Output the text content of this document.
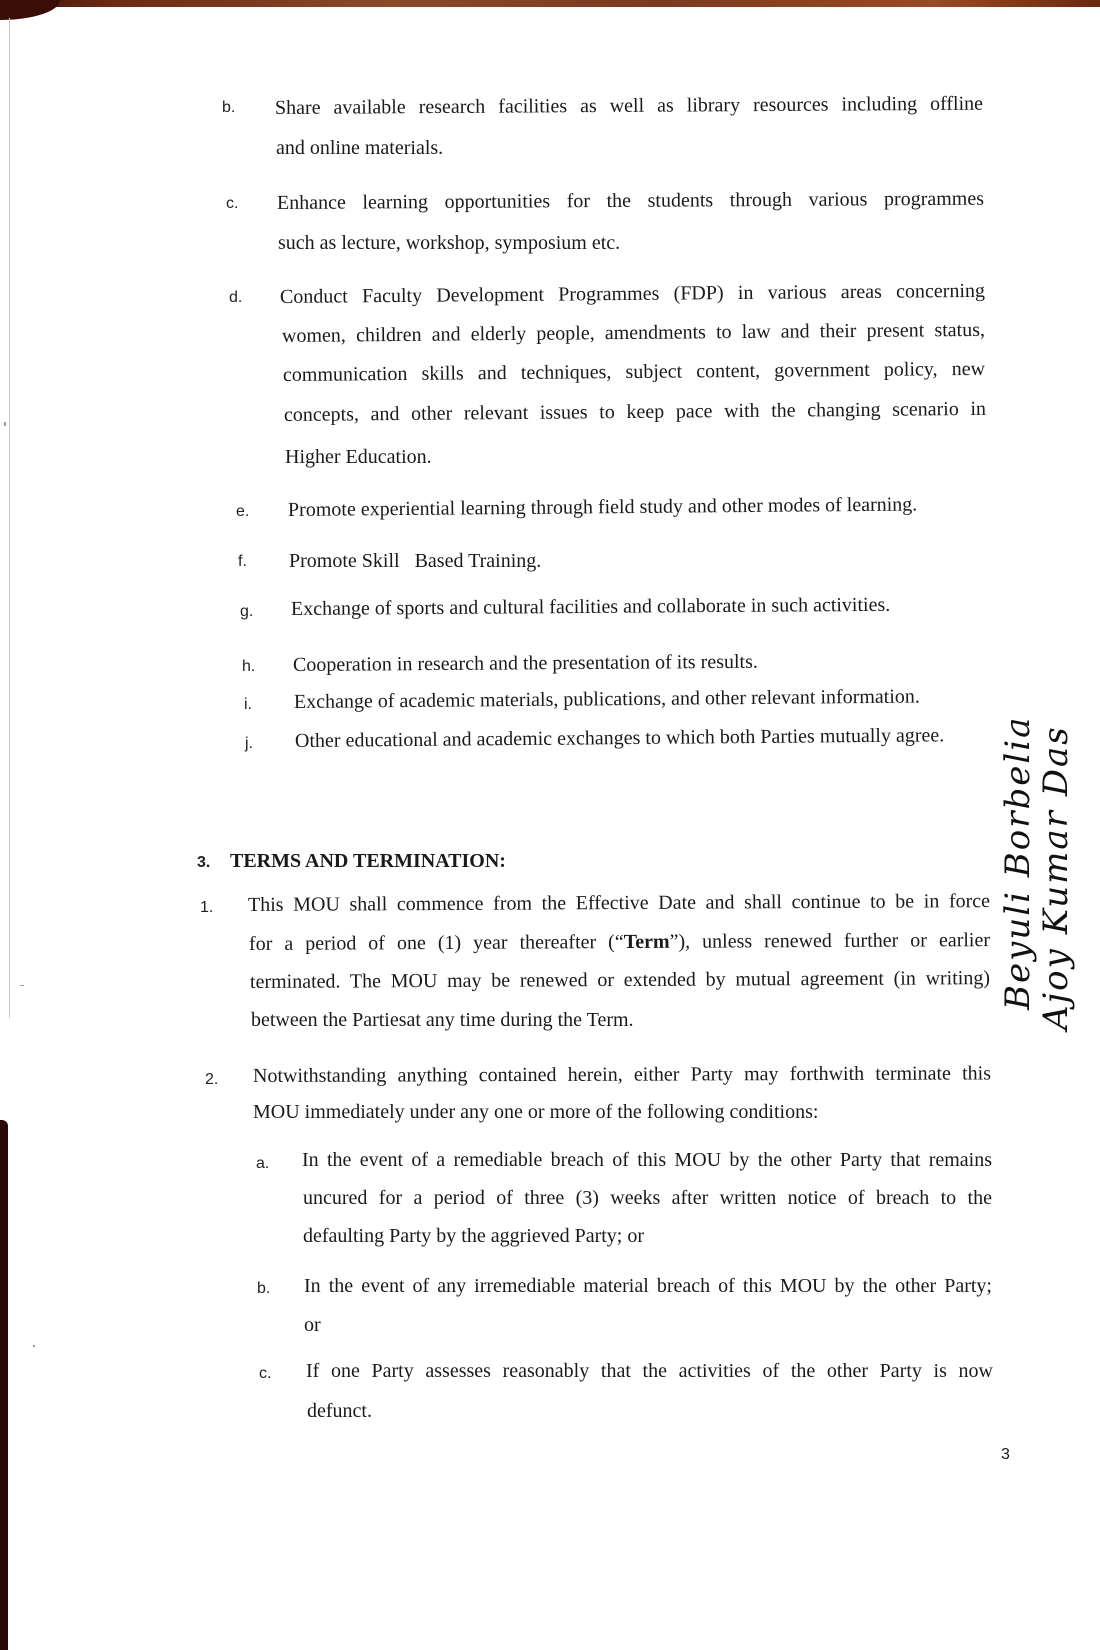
b. Share available research facilities as well as library resources including offline
and online materials.
c. Enhance learning opportunities for the students through various programmes
such as lecture, workshop, symposium etc.
d. Conduct Faculty Development Programmes (FDP) in various areas concerning
women, children and elderly people, amendments to law and their present status,
communication skills and techniques, subject content, government policy, new
concepts, and other relevant issues to keep pace with the changing scenario in
Higher Education.
e. Promote experiential learning through field study and other modes of learning.
f. Promote Skill   Based Training.
g. Exchange of sports and cultural facilities and collaborate in such activities.
h. Cooperation in research and the presentation of its results.
i. Exchange of academic materials, publications, and other relevant information.
j. Other educational and academic exchanges to which both Parties mutually agree.
3. TERMS AND TERMINATION:
1. This MOU shall commence from the Effective Date and shall continue to be in force
for a period of one (1) year thereafter (“Term”), unless renewed further or earlier
terminated. The MOU may be renewed or extended by mutual agreement (in writing)
between the Partiesat any time during the Term.
2. Notwithstanding anything contained herein, either Party may forthwith terminate this
MOU immediately under any one or more of the following conditions:
a. In the event of a remediable breach of this MOU by the other Party that remains
uncured for a period of three (3) weeks after written notice of breach to the
defaulting Party by the aggrieved Party; or
b. In the event of any irremediable material breach of this MOU by the other Party;
or
c. If one Party assesses reasonably that the activities of the other Party is now
defunct.
3
Beyuli Borbelia
Ajoy Kumar Das
